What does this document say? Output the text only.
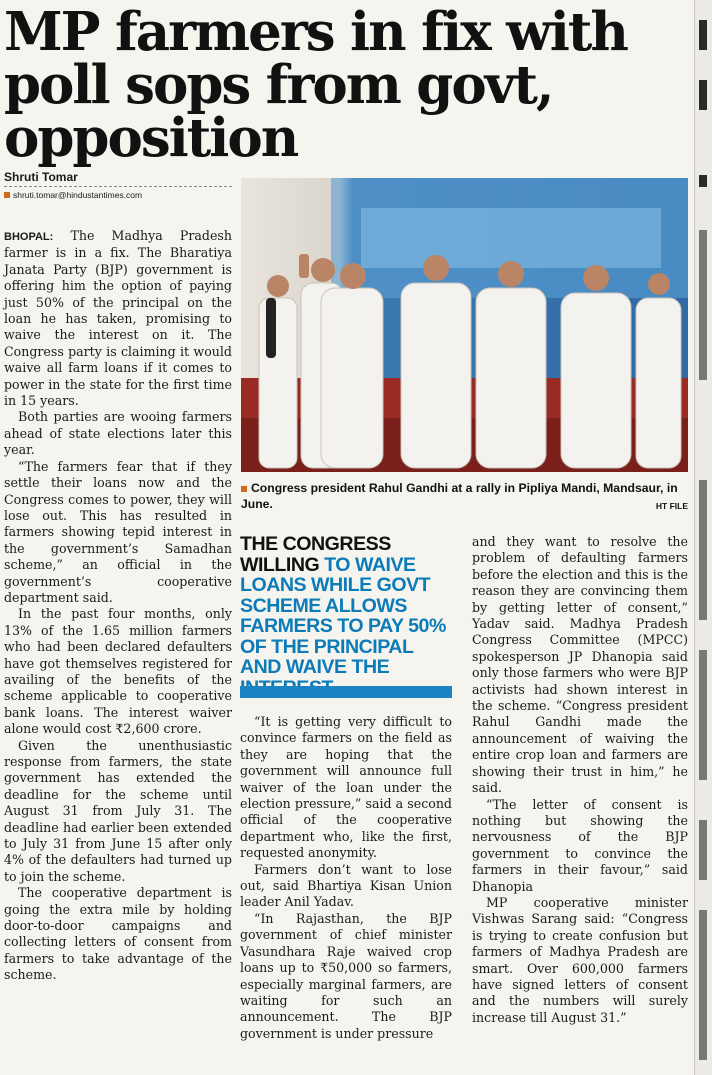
MP farmers in fix with poll sops from govt, opposition
Shruti Tomar
shruti.tomar@hindustantimes.com

BHOPAL: The Madhya Pradesh farmer is in a fix. The Bharatiya Janata Party (BJP) government is offering him the option of paying just 50% of the principal on the loan he has taken, promising to waive the interest on it. The Congress party is claiming it would waive all farm loans if it comes to power in the state for the first time in 15 years.

Both parties are wooing farmers ahead of state elections later this year.

“The farmers fear that if they settle their loans now and the Congress comes to power, they will lose out. This has resulted in farmers showing tepid interest in the government’s Samadhan scheme,” an official in the government’s cooperative department said.

In the past four months, only 13% of the 1.65 million farmers who had been declared defaulters have got themselves registered for availing of the benefits of the scheme applicable to cooperative bank loans. The interest waiver alone would cost ₹2,600 crore.

Given the unenthusiastic response from farmers, the state government has extended the deadline for the scheme until August 31 from July 31. The deadline had earlier been extended to July 31 from June 15 after only 4% of the defaulters had turned up to join the scheme.

The cooperative department is going the extra mile by holding door-to-door campaigns and collecting letters of consent from farmers to take advantage of the scheme.

Congress president Rahul Gandhi at a rally in Pipliya Mandi, Mandsaur, in June.	HT FILE
THE CONGRESS WILLING TO WAIVE LOANS WHILE GOVT SCHEME ALLOWS FARMERS TO PAY 50% OF THE PRINCIPAL AND WAIVE THE

“It is getting very difficult to convince farmers on the field as they are hoping that the government will announce full waiver of the loan under the election pressure,” said a second official of the cooperative department who, like the first, requested anonymity.

Farmers don’t want to lose out, said Bhartiya Kisan Union leader Anil Yadav.

“In Rajasthan, the BJP government of chief minister Vasundhara Raje waived crop loans up to ₹50,000 so farmers, especially marginal farmers, are waiting for such an announcement. The BJP government is under pressure

and they want to resolve the problem of defaulting farmers before the election and this is the reason they are convincing them by getting letter of consent,” Yadav said. Madhya Pradesh Congress Committee (MPCC) spokesperson JP Dhanopia said only those farmers who were BJP activists had shown interest in the scheme. “Congress president Rahul Gandhi made the announcement of waiving the entire crop loan and farmers are showing their trust in him,” he said.

“The letter of consent is nothing but showing the nervousness of the BJP government to convince the farmers in their favour,” said Dhanopia

MP cooperative minister Vishwas Sarang said: “Congress is trying to create confusion but farmers of Madhya Pradesh are smart. Over 600,000 farmers have signed letters of consent and the numbers will surely increase till August 31.”
